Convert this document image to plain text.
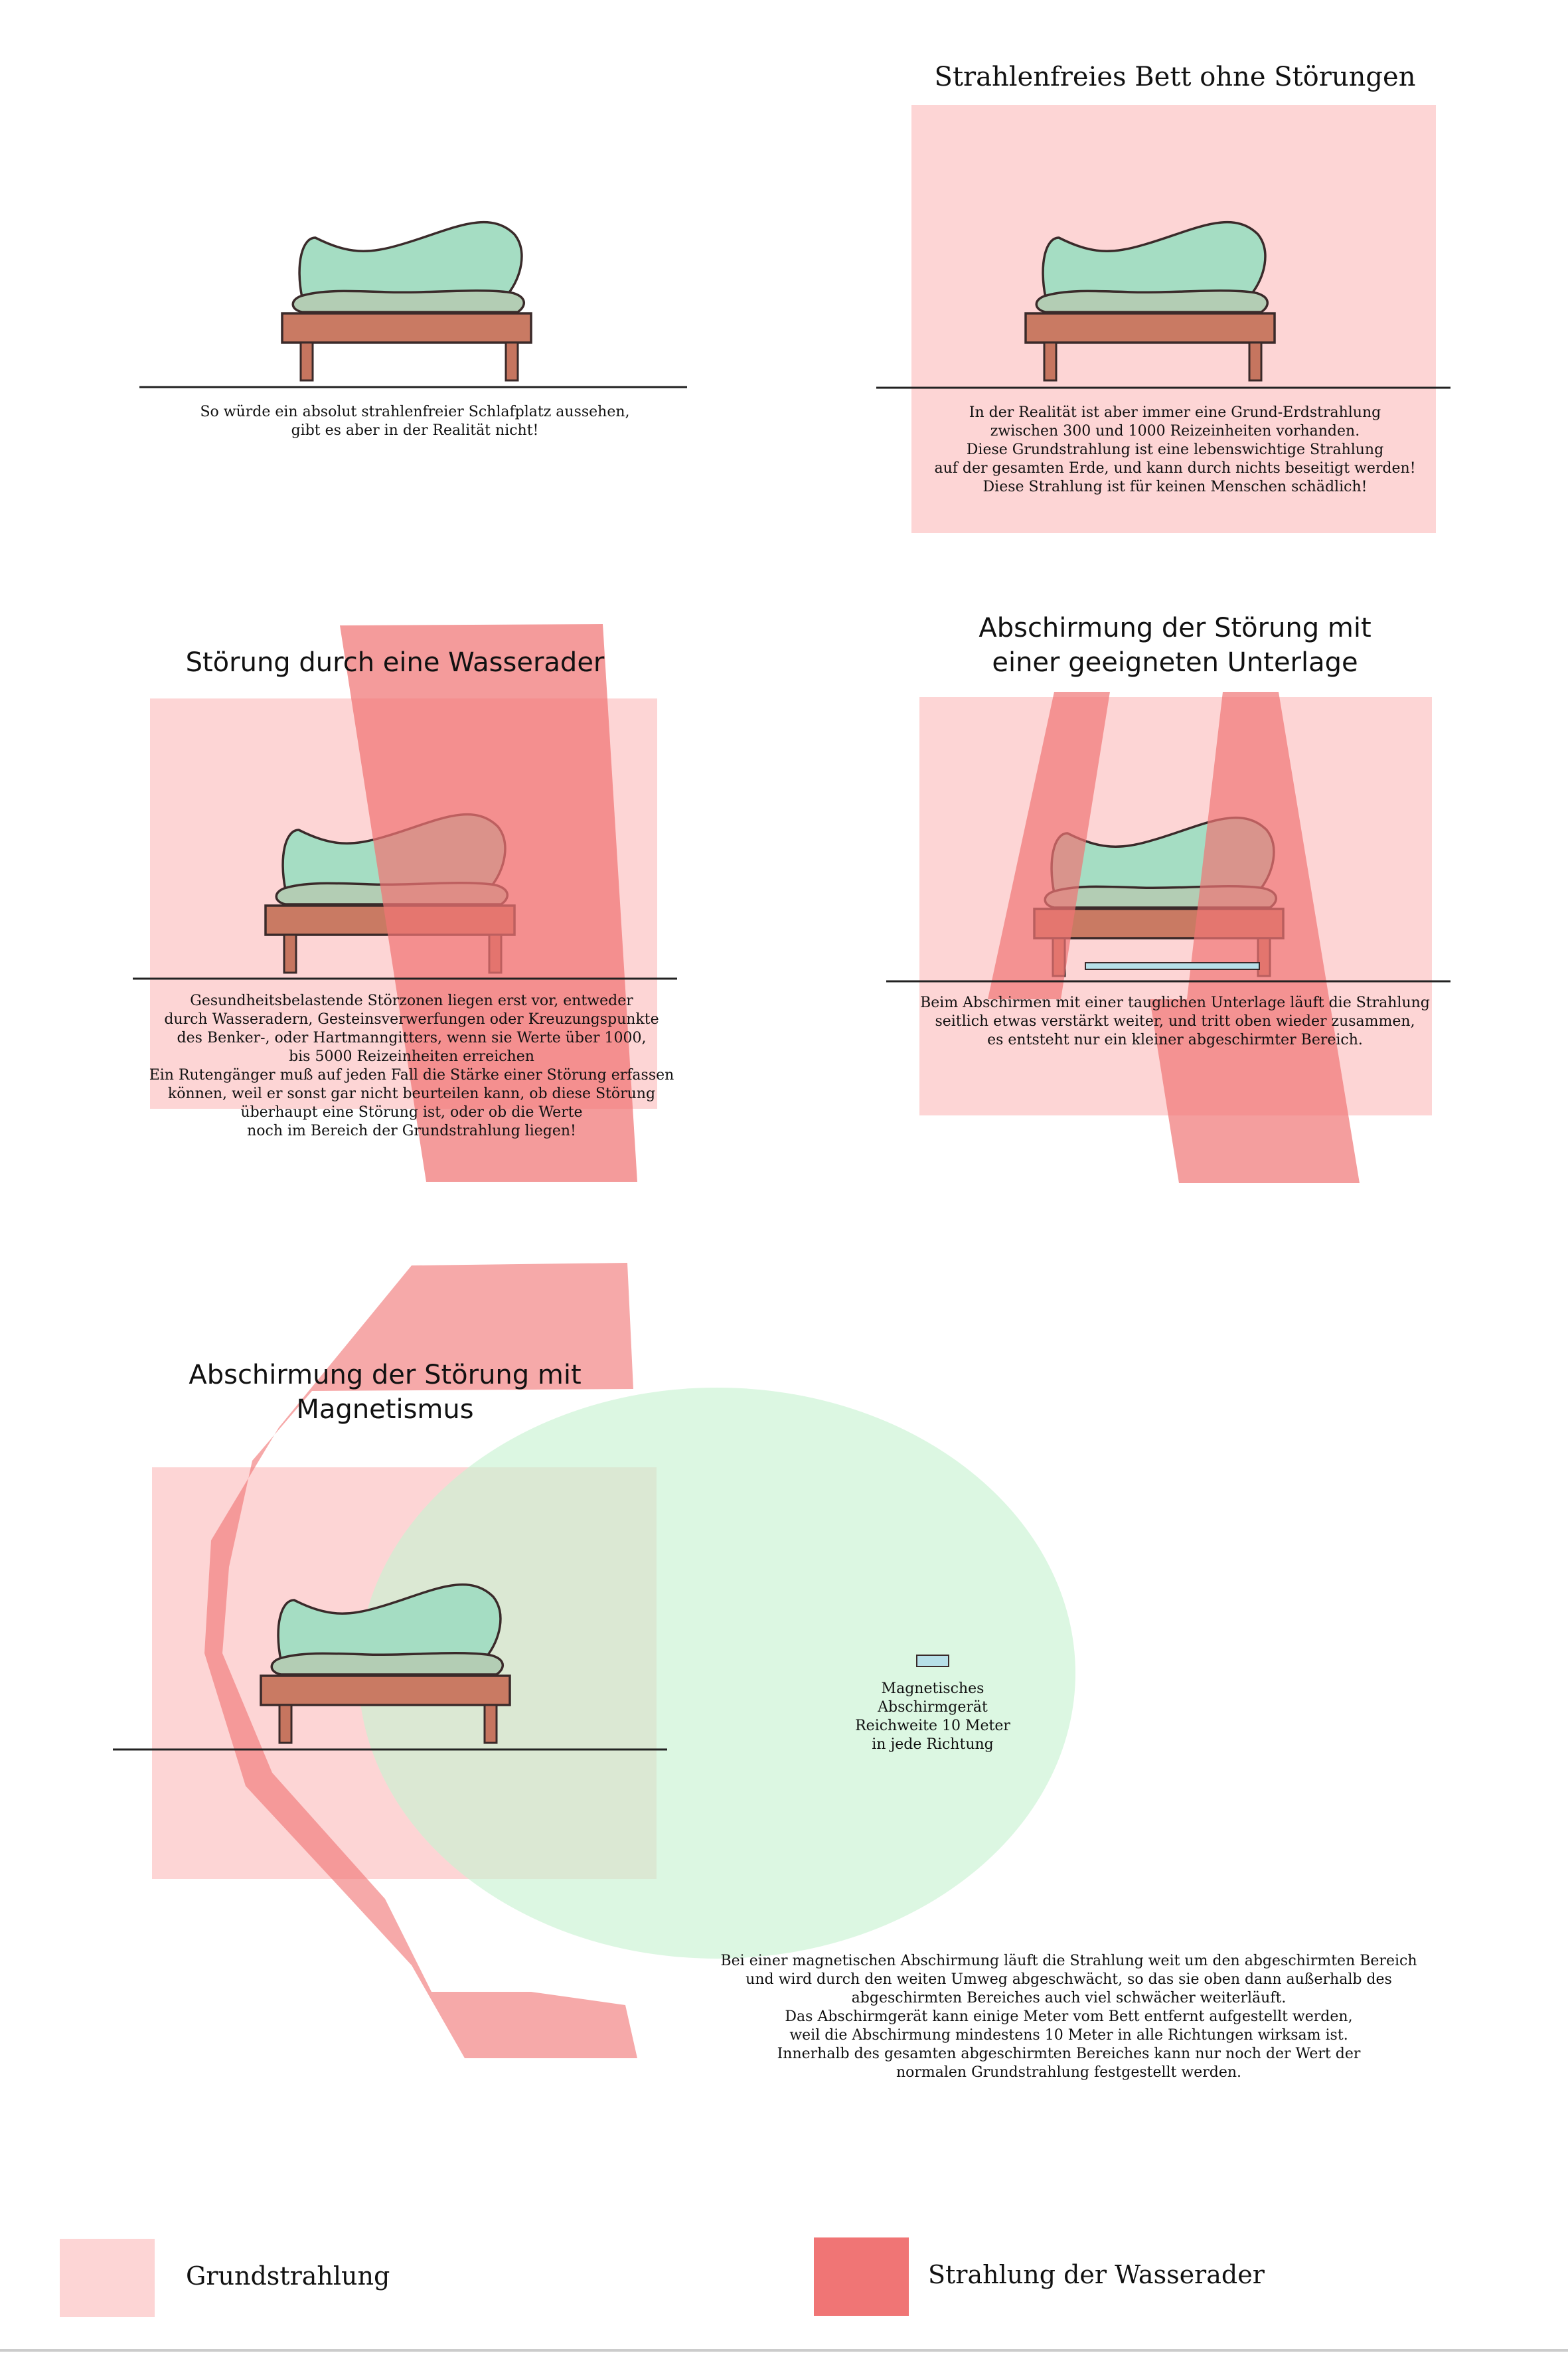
So würde ein absolut strahlenfreier Schlafplatz aussehen,
gibt es aber in der Realität nicht!
Strahlenfreies Bett ohne Störungen
In der Realität ist aber immer eine Grund-Erdstrahlung
zwischen 300 und 1000 Reizeinheiten vorhanden.
Diese Grundstrahlung ist eine lebenswichtige Strahlung
auf der gesamten Erde, und kann durch nichts beseitigt werden!
Diese Strahlung ist für keinen Menschen schädlich!
Störung durch eine Wasserader
Gesundheitsbelastende Störzonen liegen erst vor, entweder
durch Wasseradern, Gesteinsverwerfungen oder Kreuzungspunkte
des Benker-, oder Hartmanngitters, wenn sie Werte über 1000,
bis 5000 Reizeinheiten erreichen
Ein Rutengänger muß auf jeden Fall die Stärke einer Störung erfassen
können, weil er sonst gar nicht beurteilen kann, ob diese Störung
überhaupt eine Störung ist, oder ob die Werte
noch im Bereich der Grundstrahlung liegen!
Abschirmung der Störung mit
einer geeigneten Unterlage
Beim Abschirmen mit einer tauglichen Unterlage läuft die Strahlung
seitlich etwas verstärkt weiter, und tritt oben wieder zusammen,
es entsteht nur ein kleiner abgeschirmter Bereich.
Abschirmung der Störung mit
Magnetismus
Magnetisches
Abschirmgerät
Reichweite 10 Meter
in jede Richtung
Bei einer magnetischen Abschirmung läuft die Strahlung weit um den abgeschirmten Bereich
und wird durch den weiten Umweg abgeschwächt, so das sie oben dann außerhalb des
abgeschirmten Bereiches auch viel schwächer weiterläuft.
Das Abschirmgerät kann einige Meter vom Bett entfernt aufgestellt werden,
weil die Abschirmung mindestens 10 Meter in alle Richtungen wirksam ist.
Innerhalb des gesamten abgeschirmten Bereiches kann nur noch der Wert der
normalen Grundstrahlung festgestellt werden.
Grundstrahlung	Strahlung der Wasserader
